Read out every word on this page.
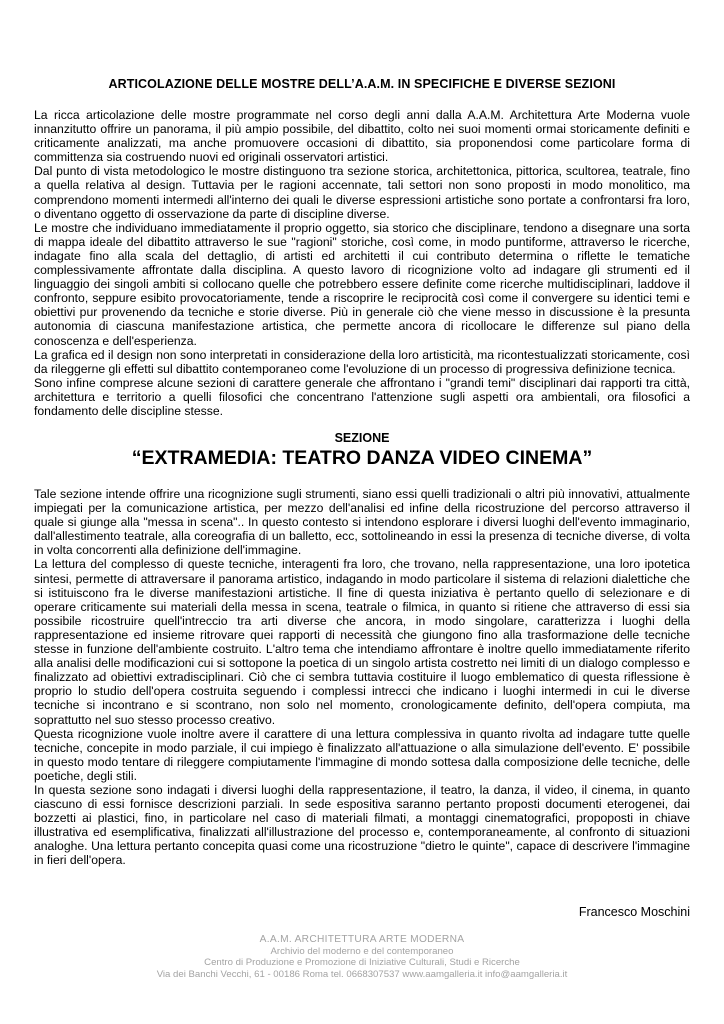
ARTICOLAZIONE DELLE MOSTRE DELL’A.A.M. IN SPECIFICHE E DIVERSE SEZIONI

La ricca articolazione delle mostre programmate nel corso degli anni dalla A.A.M. Architettura Arte Moderna vuole innanzitutto offrire un panorama, il più ampio possibile, del dibattito, colto nei suoi momenti ormai storicamente definiti e criticamente analizzati, ma anche promuovere occasioni di dibattito, sia proponendosi come particolare forma di committenza sia costruendo nuovi ed originali osservatori artistici.

Dal punto di vista metodologico le mostre distinguono tra sezione storica, architettonica, pittorica, scultorea, teatrale, fino a quella relativa al design. Tuttavia per le ragioni accennate, tali settori non sono proposti in modo monolitico, ma comprendono momenti intermedi all'interno dei quali le diverse espressioni artistiche sono portate a confrontarsi fra loro, o diventano oggetto di osservazione da parte di discipline diverse.

Le mostre che individuano immediatamente il proprio oggetto, sia storico che disciplinare, tendono a disegnare una sorta di mappa ideale del dibattito attraverso le sue "ragioni" storiche, così come, in modo puntiforme, attraverso le ricerche, indagate fino alla scala del dettaglio, di artisti ed architetti il cui contributo determina o riflette le tematiche complessivamente affrontate dalla disciplina. A questo lavoro di ricognizione volto ad indagare gli strumenti ed il linguaggio dei singoli ambiti si collocano quelle che potrebbero essere definite come ricerche multidisciplinari, laddove il confronto, seppure esibito provocatoriamente, tende a riscoprire le reciprocità così come il convergere su identici temi e obiettivi pur provenendo da tecniche e storie diverse. Più in generale ciò che viene messo in discussione è la presunta autonomia di ciascuna manifestazione artistica, che permette ancora di ricollocare le differenze sul piano della conoscenza e dell'esperienza.

La grafica ed il design non sono interpretati in considerazione della loro artisticità, ma ricontestualizzati storicamente, così da rileggerne gli effetti sul dibattito contemporaneo come l'evoluzione di un processo di progressiva definizione tecnica.

Sono infine comprese alcune sezioni di carattere generale che affrontano i "grandi temi" disciplinari dai rapporti tra città, architettura e territorio a quelli filosofici che concentrano l'attenzione sugli aspetti ora ambientali, ora filosofici a fondamento delle discipline stesse.

SEZIONE
“EXTRAMEDIA: TEATRO DANZA VIDEO CINEMA”

Tale sezione intende offrire una ricognizione sugli strumenti, siano essi quelli tradizionali o altri più innovativi, attualmente impiegati per la comunicazione artistica, per mezzo dell'analisi ed infine della ricostruzione del percorso attraverso il quale si giunge alla "messa in scena".. In questo contesto si intendono esplorare i diversi luoghi dell'evento immaginario, dall'allestimento teatrale, alla coreografia di un balletto, ecc, sottolineando in essi la presenza di tecniche diverse, di volta in volta concorrenti alla definizione dell'immagine.

La lettura del complesso di queste tecniche, interagenti fra loro, che trovano, nella rappresentazione, una loro ipotetica sintesi, permette di attraversare il panorama artistico, indagando in modo particolare il sistema di relazioni dialettiche che si istituiscono fra le diverse manifestazioni artistiche. Il fine di questa iniziativa è pertanto quello di selezionare e di operare criticamente sui materiali della messa in scena, teatrale o filmica, in quanto si ritiene che attraverso di essi sia possibile ricostruire quell'intreccio tra arti diverse che ancora, in modo singolare, caratterizza i luoghi della rappresentazione ed insieme ritrovare quei rapporti di necessità che giungono fino alla trasformazione delle tecniche stesse in funzione dell'ambiente costruito. L'altro tema che intendiamo affrontare è inoltre quello immediatamente riferito alla analisi delle modificazioni cui si sottopone la poetica di un singolo artista costretto nei limiti di un dialogo complesso e finalizzato ad obiettivi extradisciplinari. Ciò che ci sembra tuttavia costituire il luogo emblematico di questa riflessione è proprio lo studio dell'opera costruita seguendo i complessi intrecci che indicano i luoghi intermedi in cui le diverse tecniche si incontrano e si scontrano, non solo nel momento, cronologicamente definito, dell'opera compiuta, ma soprattutto nel suo stesso processo creativo.

Questa ricognizione vuole inoltre avere il carattere di una lettura complessiva in quanto rivolta ad indagare tutte quelle tecniche, concepite in modo parziale, il cui impiego è finalizzato all'attuazione o alla simulazione dell'evento. E' possibile in questo modo tentare di rileggere compiutamente l'immagine di mondo sottesa dalla composizione delle tecniche, delle poetiche, degli stili.

In questa sezione sono indagati i diversi luoghi della rappresentazione, il teatro, la danza, il video, il cinema, in quanto ciascuno di essi fornisce descrizioni parziali. In sede espositiva saranno pertanto proposti documenti eterogenei, dai bozzetti ai plastici, fino, in particolare nel caso di materiali filmati, a montaggi cinematografici, propoposti in chiave illustrativa ed esemplificativa, finalizzati all'illustrazione del processo e, contemporaneamente, al confronto di situazioni analoghe. Una lettura pertanto concepita quasi come una ricostruzione "dietro le quinte", capace di descrivere l'immagine in fieri dell'opera.

Francesco Moschini
A.A.M. ARCHITETTURA ARTE MODERNA
Archivio del moderno e del contemporaneo
Centro di Produzione e Promozione di Iniziative Culturali, Studi e Ricerche
Via dei Banchi Vecchi, 61 - 00186 Roma tel. 0668307537 www.aamgalleria.it info@aamgalleria.it
